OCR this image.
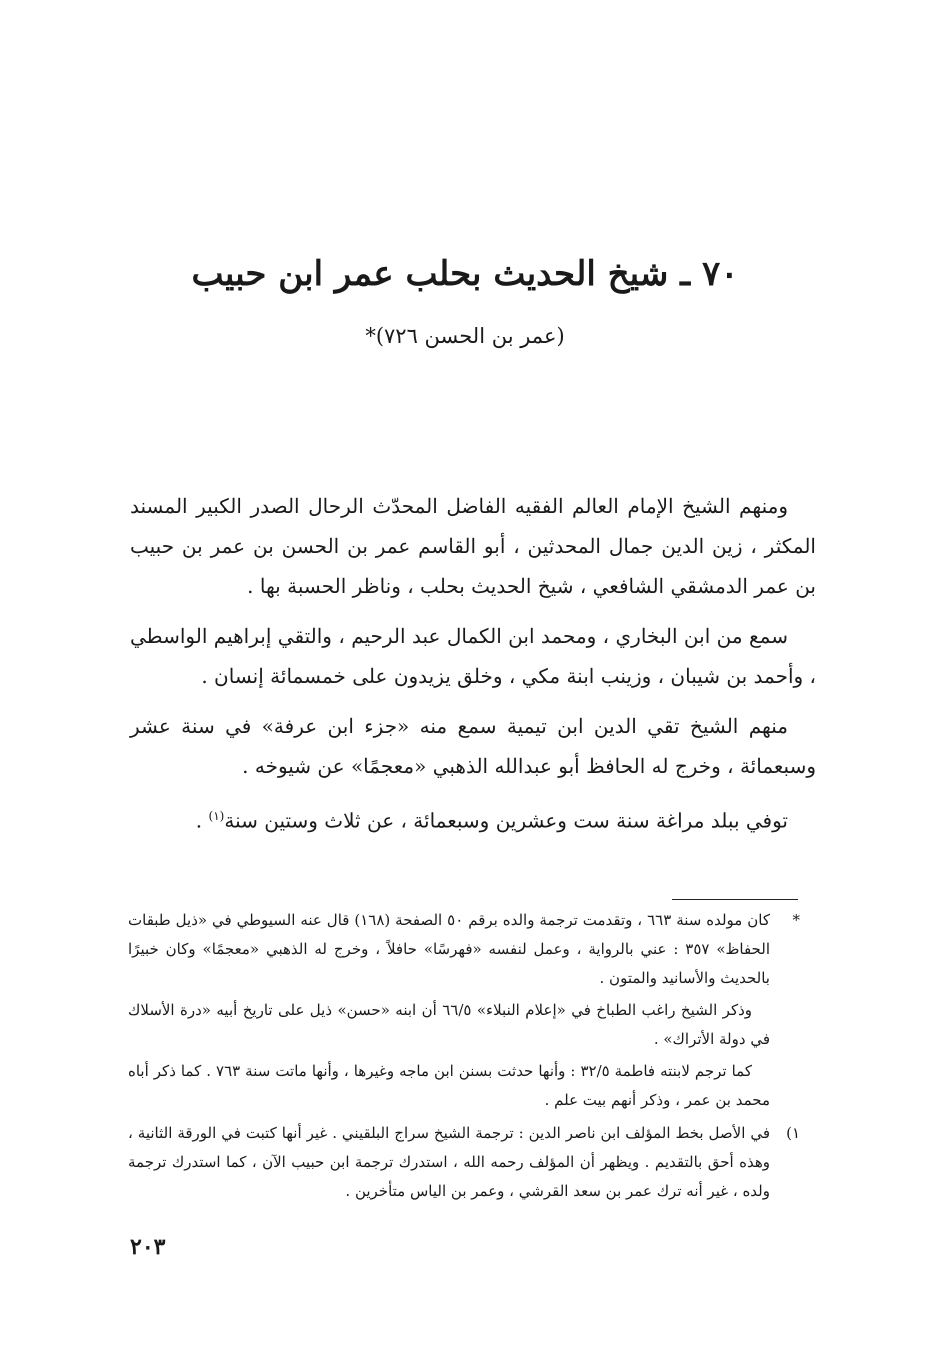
٧٠ ـ شيخ الحديث بحلب عمر ابن حبيب
(عمر بن الحسن ٧٢٦)*

ومنهم الشيخ الإمام العالم الفقيه الفاضل المحدّث الرحال الصدر الكبير المسند المكثر ، زين الدين جمال المحدثين ، أبو القاسم عمر بن الحسن بن عمر بن حبيب بن عمر الدمشقي الشافعي ، شيخ الحديث بحلب ، وناظر الحسبة بها .

سمع من ابن البخاري ، ومحمد ابن الكمال عبد الرحيم ، والتقي إبراهيم الواسطي ، وأحمد بن شيبان ، وزينب ابنة مكي ، وخلق يزيدون على خمسمائة إنسان .

منهم الشيخ تقي الدين ابن تيمية سمع منه «جزء ابن عرفة» في سنة عشر وسبعمائة ، وخرج له الحافظ أبو عبدالله الذهبي «معجمًا» عن شيوخه .

توفي ببلد مراغة سنة ست وعشرين وسبعمائة ، عن ثلاث وستين سنة$^{(١)}$ .

*

كان مولده سنة ٦٦٣ ، وتقدمت ترجمة والده برقم ٥٠ الصفحة (١٦٨) قال عنه السيوطي في «ذيل طبقات الحفاظ» ٣٥٧ : عني بالرواية ، وعمل لنفسه «فهرسًا» حافلاً ، وخرج له الذهبي «معجمًا» وكان خبيرًا بالحديث والأسانيد والمتون .

وذكر الشيخ راغب الطباخ في «إعلام النبلاء» ٦٦/٥ أن ابنه «حسن» ذيل على تاريخ أبيه «درة الأسلاك في دولة الأتراك» .

كما ترجم لابنته فاطمة ٣٢/٥ : وأنها حدثت بسنن ابن ماجه وغيرها ، وأنها ماتت سنة ٧٦٣ . كما ذكر أباه محمد بن عمر ، وذكر أنهم بيت علم .

١)

في الأصل بخط المؤلف ابن ناصر الدين : ترجمة الشيخ سراج البلقيني . غير أنها كتبت في الورقة الثانية ، وهذه أحق بالتقديم . ويظهر أن المؤلف رحمه الله ، استدرك ترجمة ابن حبيب الآن ، كما استدرك ترجمة ولده ، غير أنه ترك عمر بن سعد القرشي ، وعمر بن الياس متأخرين .

٢٠٣
